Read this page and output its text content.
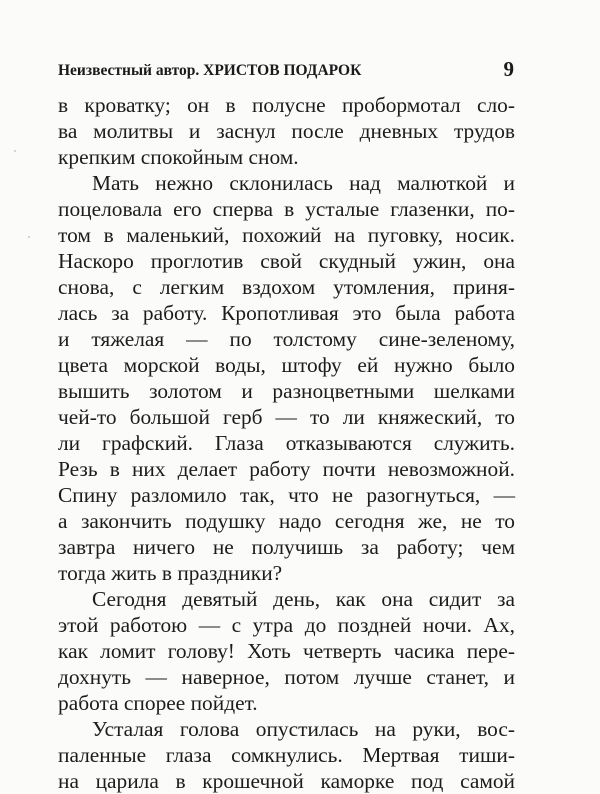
Неизвестный автор. ХРИСТОВ ПОДАРОК	9
в кроватку; он в полусне пробормотал сло-
ва молитвы и заснул после дневных трудов
крепким спокойным сном.
Мать нежно склонилась над малюткой и
поцеловала его сперва в усталые глазенки, по-
том в маленький, похожий на пуговку, носик.
Наскоро проглотив свой скудный ужин, она
снова, с легким вздохом утомления, приня-
лась за работу. Кропотливая это была работа
и тяжелая — по толстому сине-зеленому,
цвета морской воды, штофу ей нужно было
вышить золотом и разноцветными шелками
чей-то большой герб — то ли княжеский, то
ли графский. Глаза отказываются служить.
Резь в них делает работу почти невозможной.
Спину разломило так, что не разогнуться, —
а закончить подушку надо сегодня же, не то
завтра ничего не получишь за работу; чем
тогда жить в праздники?
Сегодня девятый день, как она сидит за
этой работою — с утра до поздней ночи. Ах,
как ломит голову! Хоть четверть часика пере-
дохнуть — наверное, потом лучше станет, и
работа спорее пойдет.
Усталая голова опустилась на руки, вос-
паленные глаза сомкнулись. Мертвая тиши-
на царила в крошечной каморке под самой
